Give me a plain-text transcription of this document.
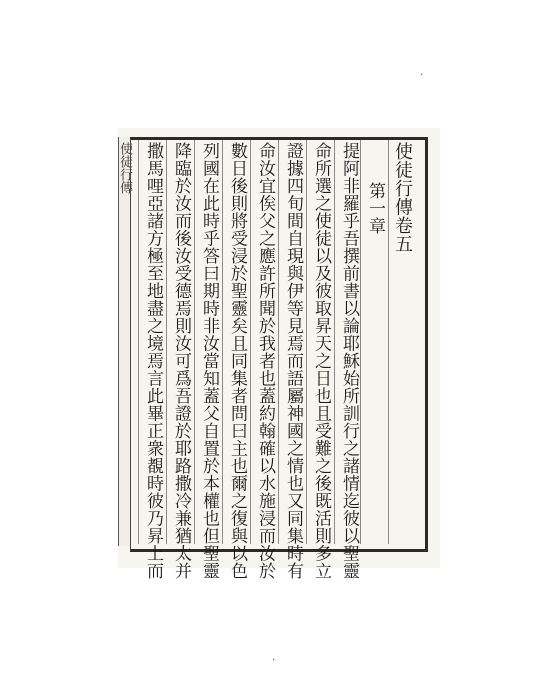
使徒行傳	使徒行傳卷五
第一章
提阿非羅乎吾撰前書以論耶穌始所訓行之諸情迄彼以聖靈
命所選之使徒以及彼取昇天之日也且受難之後既活則多立
證據四旬間自現與伊等見焉而語屬神國之情也又同集時有
命汝宜俟父之應許所聞於我者也蓋約翰確以水施浸而汝於
數日後則將受浸於聖靈矣且同集者問曰主也爾之復與以色
列國在此時乎答曰期時非汝當知蓋父自置於本權也但聖靈
降臨於汝而後汝受德焉則汝可爲吾證於耶路撒冷兼猶太并
撒馬哩亞諸方極至地盡之境焉言此畢正衆覩時彼乃昇上而
·
·
